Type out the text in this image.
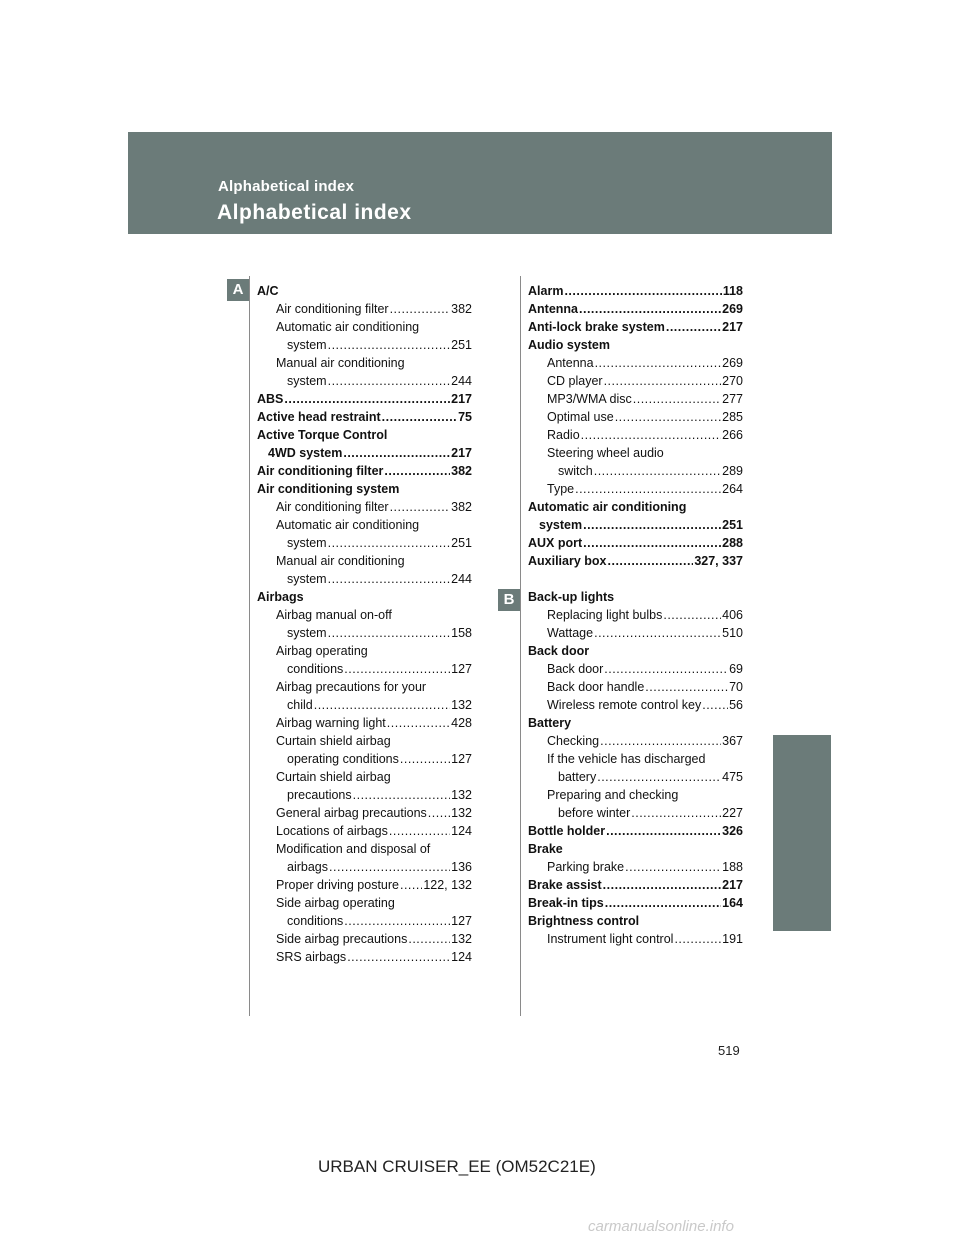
Alphabetical index
Alphabetical index
A
B
A/C
Air conditioning filter .....	382
Automatic air conditioning
system .....	251
Manual air conditioning
system .....	244
ABS .....	217
Active head restraint .....	75
Active Torque Control
4WD system .....	217
Air conditioning filter .....	382
Air conditioning system
Air conditioning filter .....	382
Automatic air conditioning
system .....	251
Manual air conditioning
system .....	244
Airbags
Airbag manual on-off
system .....	158
Airbag operating
conditions .....	127
Airbag precautions for your
child .....	132
Airbag warning light .....	428
Curtain shield airbag
operating conditions .....	127
Curtain shield airbag
precautions .....	132
General airbag precautions ..... 132
Locations of airbags .....	124
Modification and disposal of
airbags .....	136
Proper driving posture ..... 122, 132
Side airbag operating
conditions .....	127
Side airbag precautions .....	132
SRS airbags .....	124
Alarm .....	118
Antenna .....	269
Anti-lock brake system .....	217
Audio system
Antenna .....	269
CD player .....	270
MP3/WMA disc .....	277
Optimal use .....	285
Radio .....	266
Steering wheel audio
switch .....	289
Type .....	264
Automatic air conditioning
system .....	251
AUX port .....	288
Auxiliary box .....	327, 337
Back-up lights
Replacing light bulbs .....	406
Wattage .....	510
Back door
Back door .....	69
Back door handle .....	70
Wireless remote control key ..... 56
Battery
Checking .....	367
If the vehicle has discharged
battery .....	475
Preparing and checking
before winter .....	227
Bottle holder .....	326
Brake
Parking brake .....	188
Brake assist .....	217
Break-in tips .....	164
Brightness control
Instrument light control .....	191
519
URBAN CRUISER_EE (OM52C21E)
carmanualsonline.info
